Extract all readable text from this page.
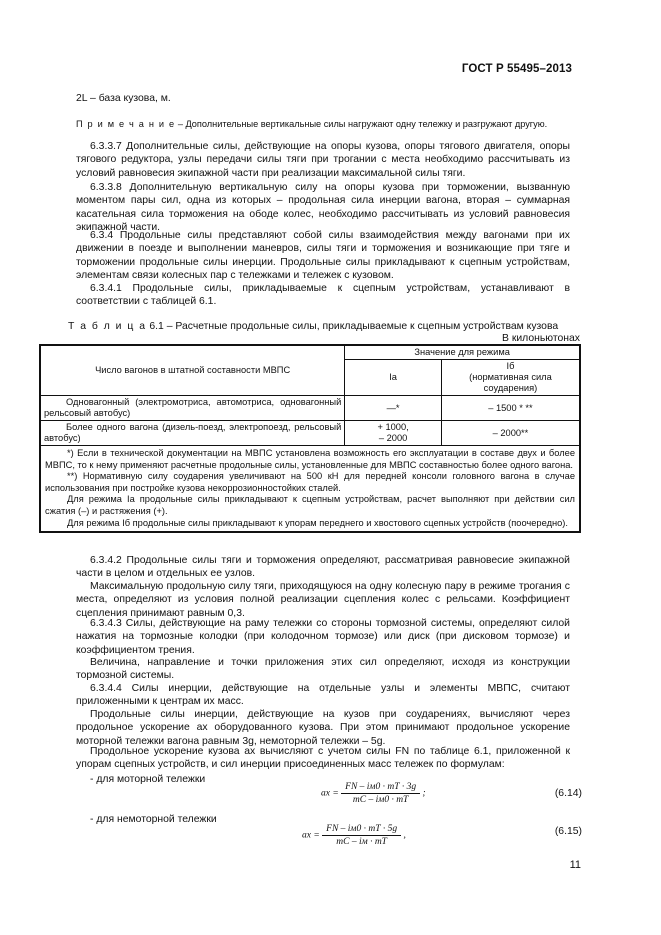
ГОСТ Р 55495–2013
2L – база кузова, м.
П р и м е ч а н и е – Дополнительные вертикальные силы нагружают одну тележку и разгружают другую.
6.3.3.7 Дополнительные силы, действующие на опоры кузова, опоры тягового двигателя, опоры тягового редуктора, узлы передачи силы тяги при трогании с места необходимо рассчитывать из условий равновесия экипажной части при реализации максимальной силы тяги.
6.3.3.8 Дополнительную вертикальную силу на опоры кузова при торможении, вызванную моментом пары сил, одна из которых – продольная сила инерции вагона, вторая – суммарная касательная сила торможения на ободе колес, необходимо рассчитывать из условий равновесия экипажной части.
6.3.4 Продольные силы представляют собой силы взаимодействия между вагонами при их движении в поезде и выполнении маневров, силы тяги и торможения и возникающие при тяге и торможении продольные силы инерции. Продольные силы прикладывают к сцепным устройствам, элементам связи колесных пар с тележками и тележек с кузовом.
6.3.4.1 Продольные силы, прикладываемые к сцепным устройствам, устанавливают в соответствии с таблицей 6.1.
Т а б л и ц а 6.1 – Расчетные продольные силы, прикладываемые к сцепным устройствам кузова
В килоньютонах
Число вагонов в штатной составности МВПС	Значение для режима	
	Iа	Iб
(нормативная сила соударения)

Одновагонный (электромотриса, автомотриса, одновагонный рельсовый автобус)	—*	– 1500 * **
Более одного вагона (дизель-поезд, электропоезд, рельсовый автобус)	+ 1000,
– 2000	– 2000**

*) Если в технической документации на МВПС установлена возможность его эксплуатации в составе двух и более МВПС, то к нему применяют расчетные продольные силы, установленные для МВПС составностью более одного вагона.

**) Нормативную силу соударения увеличивают на 500 кН для передней консоли головного вагона в случае использования при постройке кузова некоррозионностойких сталей.

Для режима Iа продольные силы прикладывают к сцепным устройствам, расчет выполняют при действии сил сжатия (–) и растяжения (+).

Для режима Iб продольные силы прикладывают к упорам переднего и хвостового сцепных устройств (поочередно).		

6.3.4.2 Продольные силы тяги и торможения определяют, рассматривая равновесие экипажной части в целом и отдельных ее узлов.
Максимальную продольную силу тяги, приходящуюся на одну колесную пару в режиме трогания с места, определяют из условия полной реализации сцепления колес с рельсами. Коэффициент сцепления принимают равным 0,3.
6.3.4.3 Силы, действующие на раму тележки со стороны тормозной системы, определяют силой нажатия на тормозные колодки (при колодочном тормозе) или диск (при дисковом тормозе) и коэффициентом трения.
Величина, направление и точки приложения этих сил определяют, исходя из конструкции тормозной системы.
6.3.4.4 Силы инерции, действующие на отдельные узлы и элементы МВПС, считают приложенными к центрам их масс.
Продольные силы инерции, действующие на кузов при соударениях, вычисляют через продольное ускорение aх оборудованного кузова. При этом принимают продольное ускорение моторной тележки вагона равным 3g, немоторной тележки – 5g.
Продольное ускорение кузова aх вычисляют с учетом силы FN по таблице 6.1, приложенной к упорам сцепных устройств, и сил инерции присоединенных масс тележек по формулам:
- для моторной тележки
aх = $\frac{FN - iм0 \cdot mТ \cdot 3g}{mС - iм0 \cdot mТ}$ ;	(6.14)
- для немоторной тележки
aх = $\frac{FN - iм0 \cdot mТ \cdot 5g}{mС - iм \cdot mТ}$ ,	(6.15)
11
